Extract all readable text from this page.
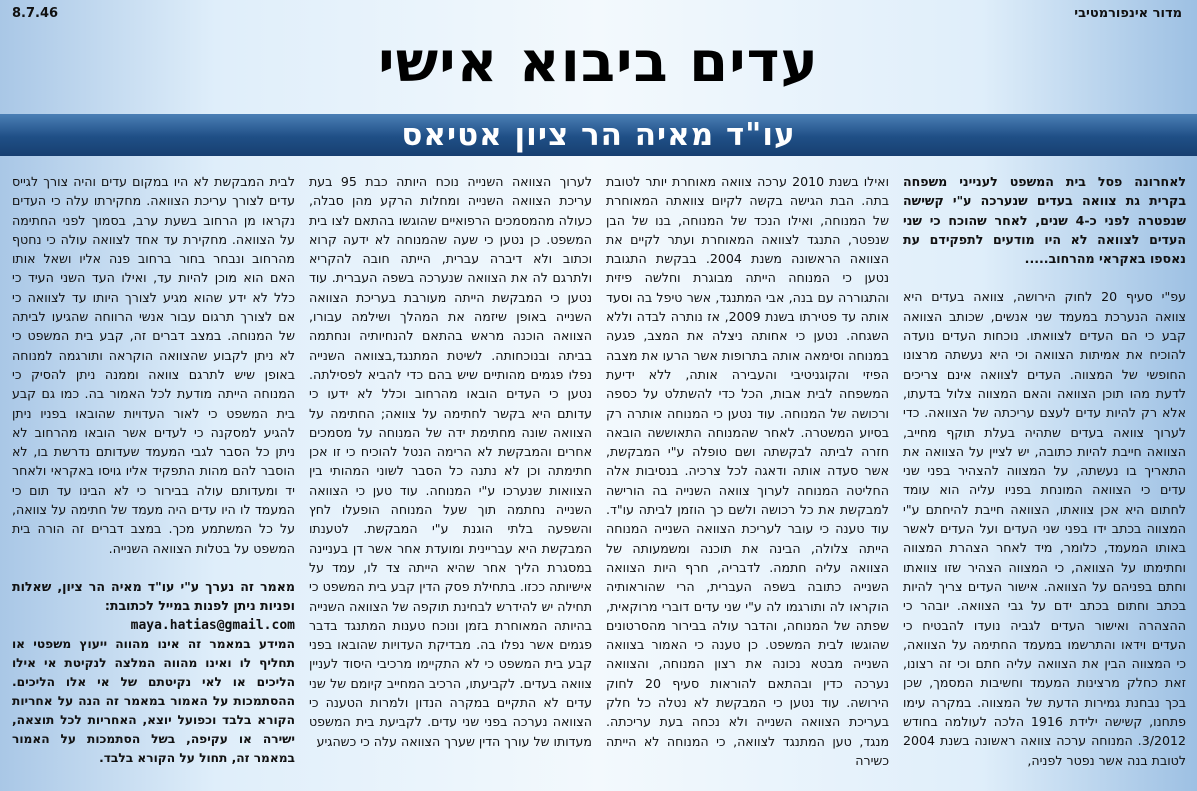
מדור אינפורמטיבי
8.7.46
עדים ביבוא אישי
עו"ד מאיה הר ציון אטיאס

לאחרונה פסל בית המשפט לענייני משפחה בקרית גת צוואה בעדים שנערכה ע"י קשישה שנפטרה לפני כ-4 שנים, לאחר שהוכח כי שני העדים לצוואה לא היו מודעים לתפקידם עת נאספו באקראי מהרחוב.....

עפ"י סעיף 20 לחוק הירושה, צוואה בעדים היא צוואה הנערכת במעמד שני אנשים, שכותב הצוואה קבע כי הם העדים לצוואתו. נוכחות העדים נועדה להוכיח את אמיתות הצוואה וכי היא נעשתה מרצונו החופשי של המצווה. העדים לצוואה אינם צריכים לדעת מהו תוכן הצוואה והאם המצווה צלול בדעתו, אלא רק להיות עדים לעצם עריכתה של הצוואה. כדי לערוך צוואה בעדים שתהיה בעלת תוקף מחייב, הצוואה חייבת להיות כתובה, יש לציין על הצוואה את התאריך בו נעשתה, על המצווה להצהיר בפני שני עדים כי הצוואה המונחת בפניו עליה הוא עומד לחתום היא אכן צוואתו, הצוואה חייבת להיחתם ע"י המצווה בכתב ידו בפני שני העדים ועל העדים לאשר באותו המעמד, כלומר, מיד לאחר הצהרת המצווה וחתימתו על הצוואה, כי המצווה הצהיר שזו צוואתו וחתם בפניהם על הצוואה. אישור העדים צריך להיות בכתב וחתום בכתב ידם על גבי הצוואה. יובהר כי ההצהרה ואישור העדים לגביה נועדו להבטיח כי העדים וידאו והתרשמו במעמד החתימה על הצוואה, כי המצווה הבין את הצוואה עליה חתם וכי זה רצונו, זאת כחלק מרצינות המעמד וחשיבות המסמך, שכן בכך נבחנת גמירות הדעת של המצווה. במקרה עימו פתחנו, קשישה ילידת 1916 הלכה לעולמה בחודש 3/2012. המנוחה ערכה צוואה ראשונה בשנת 2004 לטובת בנה אשר נפטר לפניה,

ואילו בשנת 2010 ערכה צוואה מאוחרת יותר לטובת בתה. הבת הגישה בקשה לקיום צוואתה המאוחרת של המנוחה, ואילו הנכד של המנוחה, בנו של הבן שנפטר, התנגד לצוואה המאוחרת ועתר לקיים את הצוואה הראשונה משנת 2004. בבקשת התגובת נטען כי המנוחה הייתה מבוגרת וחלשה פיזית והתגוררה עם בנה, אבי המתנגד, אשר טיפל בה וסעד אותה עד פטירתו בשנת 2009, אז נותרה לבדה וללא השגחה. נטען כי אחותה ניצלה את המצב, פגעה במנוחה וסימאה אותה בתרופות אשר הרעו את מצבה הפיזי והקוגניטיבי והעבירה אותה, ללא ידיעת המשפחה לבית אבות, הכל כדי להשתלט על כספה ורכושה של המנוחה. עוד נטען כי המנוחה אותרה רק בסיוע המשטרה. לאחר שהמנוחה התאוששה הובאה חזרה לביתה לבקשתה ושם טופלה ע"י המבקשת, אשר סעדה אותה ודאגה לכל צרכיה. בנסיבות אלה החליטה המנוחה לערוך צוואה השנייה בה הורישה למבקשת את כל רכושה ולשם כך הוזמן לביתה עו"ד. עוד טענה כי עובר לעריכת הצוואה השנייה המנוחה הייתה צלולה, הבינה את תוכנה ומשמעותה של הצוואה עליה חתמה. לדבריה, חרף היות הצוואה השנייה כתובה בשפה העברית, הרי שהוראותיה הוקראו לה ותורגמו לה ע"י שני עדים דוברי מרוקאית, שפתה של המנוחה, והדבר עולה בבירור מהסרטונים שהוגשו לבית המשפט. כן טענה כי האמור בצוואה השנייה מבטא נכונה את רצון המנוחה, והצוואה נערכה כדין ובהתאם להוראות סעיף 20 לחוק הירושה. עוד נטען כי המבקשת לא נטלה כל חלק בעריכת הצוואה השנייה ולא נכחה בעת עריכתה. מנגד, טען המתנגד לצוואה, כי המנוחה לא הייתה כשירה

לערוך הצוואה השנייה נוכח היותה כבת 95 בעת עריכת הצוואה השנייה ומחלות הרקע מהן סבלה, כעולה מהמסמכים הרפואיים שהוגשו בהתאם לצו בית המשפט. כן נטען כי שעה שהמנוחה לא ידעה קרוא וכתוב ולא דיברה עברית, הייתה חובה להקריא ולתרגם לה את הצוואה שנערכה בשפה העברית. עוד נטען כי המבקשת הייתה מעורבת בעריכת הצוואה השנייה באופן שיזמה את המהלך ושילמה עבורו, הצוואה הוכנה מראש בהתאם להנחיותיה ונחתמה בביתה ובנוכחותה. לשיטת המתנגד,בצוואה השנייה נפלו פגמים מהותיים שיש בהם כדי להביא לפסילתה. נטען כי העדים הובאו מהרחוב וכלל לא ידעו כי עדותם היא בקשר לחתימה על צוואה; החתימה על הצוואה שונה מחתימת ידה של המנוחה על מסמכים אחרים והמבקשת לא הרימה הנטל להוכיח כי זו אכן חתימתה וכן לא נתנה כל הסבר לשוני המהותי בין הצוואות שנערכו ע"י המנוחה. עוד טען כי הצוואה השנייה נחתמה תוך שעל המנוחה הופעלו לחץ והשפעה בלתי הוגנת ע"י המבקשת. לטענתו המבקשת היא עבריינית ומועדת אחר אשר דן בעניינה במסגרת הליך אחר שהיא הייתה צד לו, עמד על אישיותה ככזו. בתחילת פסק הדין קבע בית המשפט כי תחילה יש להידרש לבחינת תוקפה של הצוואה השנייה בהיותה המאוחרת בזמן ונוכח טענות המתנגד בדבר פגמים אשר נפלו בה. מבדיקת העדויות שהובאו בפני קבע בית המשפט כי לא התקיימו מרכיבי היסוד לעניין צוואה בעדים. לקביעתו, הרכיב המחייב קיומם של שני עדים לא התקיים במקרה הנדון ולמרות הטענה כי הצוואה נערכה בפני שני עדים. לקביעת בית המשפט מעדותו של עורך הדין שערך הצוואה עלה כי כשהגיע

לבית המבקשת לא היו במקום עדים והיה צורך לגייס עדים לצורך עריכת הצוואה. מחקירתו עלה כי העדים נקראו מן הרחוב בשעת ערב, בסמוך לפני החתימה על הצוואה. מחקירת עד אחד לצוואה עולה כי נחטף מהרחוב ונבחר בחור ברחוב פנה אליו ושאל אותו האם הוא מוכן להיות עד, ואילו העד השני העיד כי כלל לא ידע שהוא מגיע לצורך היותו עד לצוואה כי אם לצורך תרגום עבור אנשי הרווחה שהגיעו לביתה של המנוחה. במצב דברים זה, קבע בית המשפט כי לא ניתן לקבוע שהצוואה הוקראה ותורגמה למנוחה באופן שיש לתרגם צוואה וממנה ניתן להסיק כי המנוחה הייתה מודעת לכל האמור בה. כמו גם קבע בית המשפט כי לאור העדויות שהובאו בפניו ניתן להגיע למסקנה כי לעדים אשר הובאו מהרחוב לא ניתן כל הסבר לגבי המעמד שעדותם נדרשת בו, לא הוסבר להם מהות התפקיד אליו גויסו באקראי ולאחר יד ומעדותם עולה בבירור כי לא הבינו עד תום כי המעמד לו היו עדים היה מעמד של חתימה על צוואה, על כל המשתמע מכך. במצב דברים זה הורה בית המשפט על בטלות הצוואה השנייה.

מאמר זה נערך ע"י עו"ד מאיה הר ציון, שאלות ופניות ניתן לפנות במייל לכתובת:

maya.hatias@gmail.com

המידע במאמר זה אינו מהווה ייעוץ משפטי או תחליף לו ואינו מהווה המלצה לנקיטת אי אילו הליכים או לאי נקיטתם של אי אלו הליכים. ההסתמכות על האמור במאמר זה הנה על אחריות הקורא בלבד וכפועל יוצא, האחריות לכל תוצאה, ישירה או עקיפה, בשל הסתמכות על האמור במאמר זה, תחול על הקורא בלבד.
